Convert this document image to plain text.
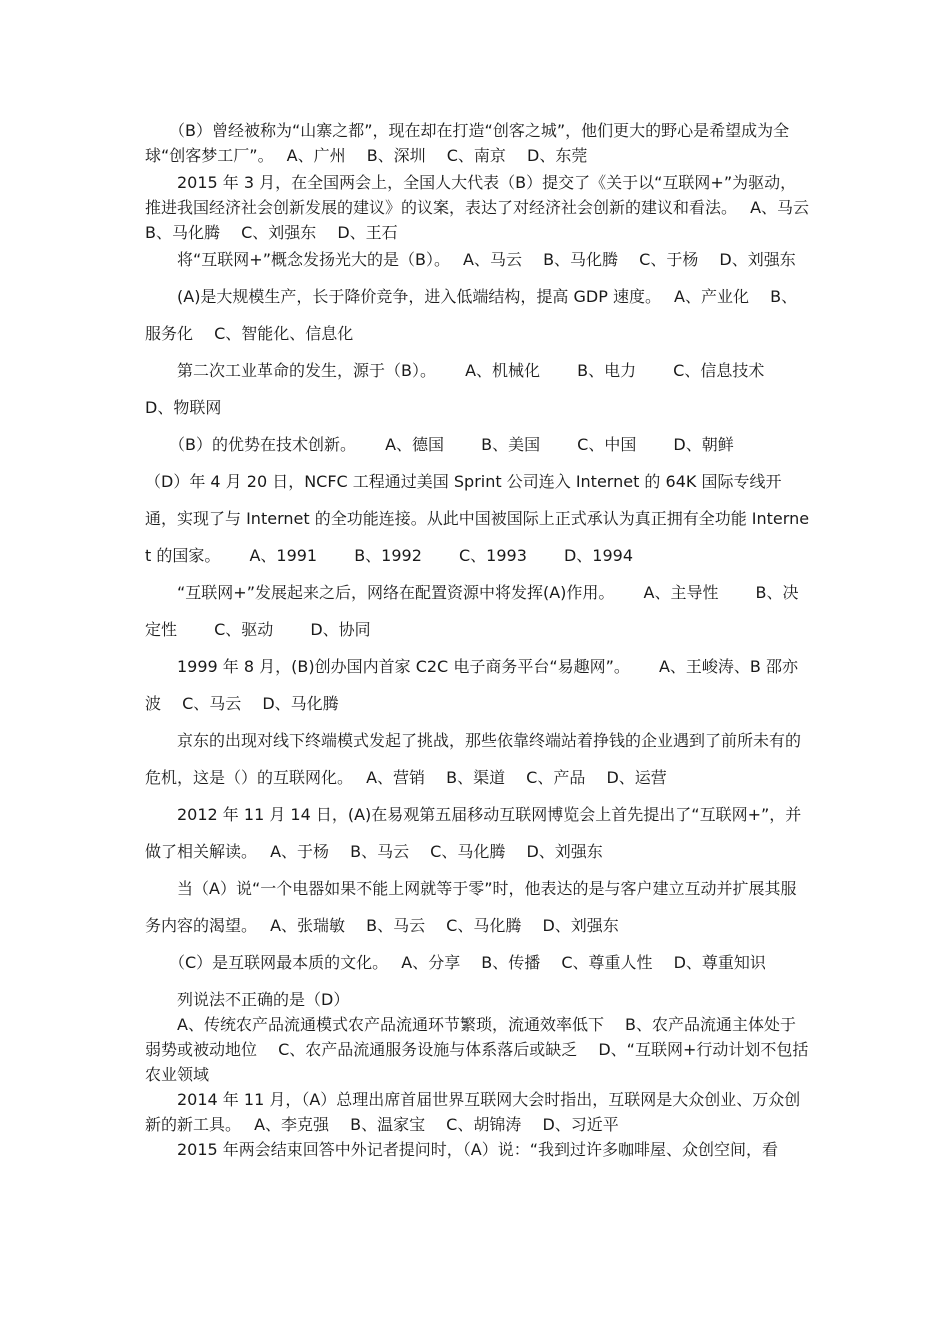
　　（B）曾经被称为“山寨之都”，现在却在打造“创客之城”，他们更大的野心是希望成为全球“创客梦工厂”。　 A、广州　 B、深圳　 C、南京　 D、东莞

　　2015 年 3 月，在全国两会上，全国人大代表（B）提交了《关于以“互联网+”为驱动，推进我国经济社会创新发展的建议》的议案，表达了对经济社会创新的建议和看法。　 A、马云　 B、马化腾　 C、刘强东　 D、王石

　　将“互联网+”概念发扬光大的是（B）。　 A、马云　 B、马化腾　 C、于杨　 D、刘强东

　　(A)是大规模生产，长于降价竞争，进入低端结构，提高 GDP 速度。　 A、产业化　 B、服务化　 C、智能化、信息化

　　第二次工业革命的发生，源于（B）。　　 A、机械化　　 B、电力　　 C、信息技术　　 D、物联网

　　（B）的优势在技术创新。　　 A、德国　　 B、美国　　 C、中国　　 D、朝鲜

（D）年 4 月 20 日，NCFC 工程通过美国 Sprint 公司连入 Internet 的 64K 国际专线开通，实现了与 Internet 的全功能连接。从此中国被国际上正式承认为真正拥有全功能 Internet 的国家。　　 A、1991　　 B、1992　　 C、1993　　 D、1994

　　“互联网+”发展起来之后，网络在配置资源中将发挥(A)作用。　　 A、主导性　　 B、决定性　　 C、驱动　　 D、协同

　　1999 年 8 月，(B)创办国内首家 C2C 电子商务平台“易趣网”。　　 A、王峻涛、B 邵亦波　 C、马云　 D、马化腾

　　京东的出现对线下终端模式发起了挑战，那些依靠终端站着挣钱的企业遇到了前所未有的危机，这是（）的互联网化。　 A、营销　 B、渠道　 C、产品　 D、运营

　　2012 年 11 月 14 日，(A)在易观第五届移动互联网博览会上首先提出了“互联网+”，并做了相关解读。　 A、于杨　 B、马云　 C、马化腾　 D、刘强东

　　当（A）说“一个电器如果不能上网就等于零”时，他表达的是与客户建立互动并扩展其服务内容的渴望。　 A、张瑞敏　 B、马云　 C、马化腾　 D、刘强东

　　（C）是互联网最本质的文化。　 A、分享　 B、传播　 C、尊重人性　 D、尊重知识

　　列说法不正确的是（D）

　　A、传统农产品流通模式农产品流通环节繁琐，流通效率低下　 B、农产品流通主体处于弱势或被动地位　 C、农产品流通服务设施与体系落后或缺乏　 D、“互联网+行动计划不包括农业领域

　　2014 年 11 月，（A）总理出席首届世界互联网大会时指出，互联网是大众创业、万众创新的新工具。　 A、李克强　 B、温家宝　 C、胡锦涛　 D、习近平

　　2015 年两会结束回答中外记者提问时，（A）说：“我到过许多咖啡屋、众创空间，看
